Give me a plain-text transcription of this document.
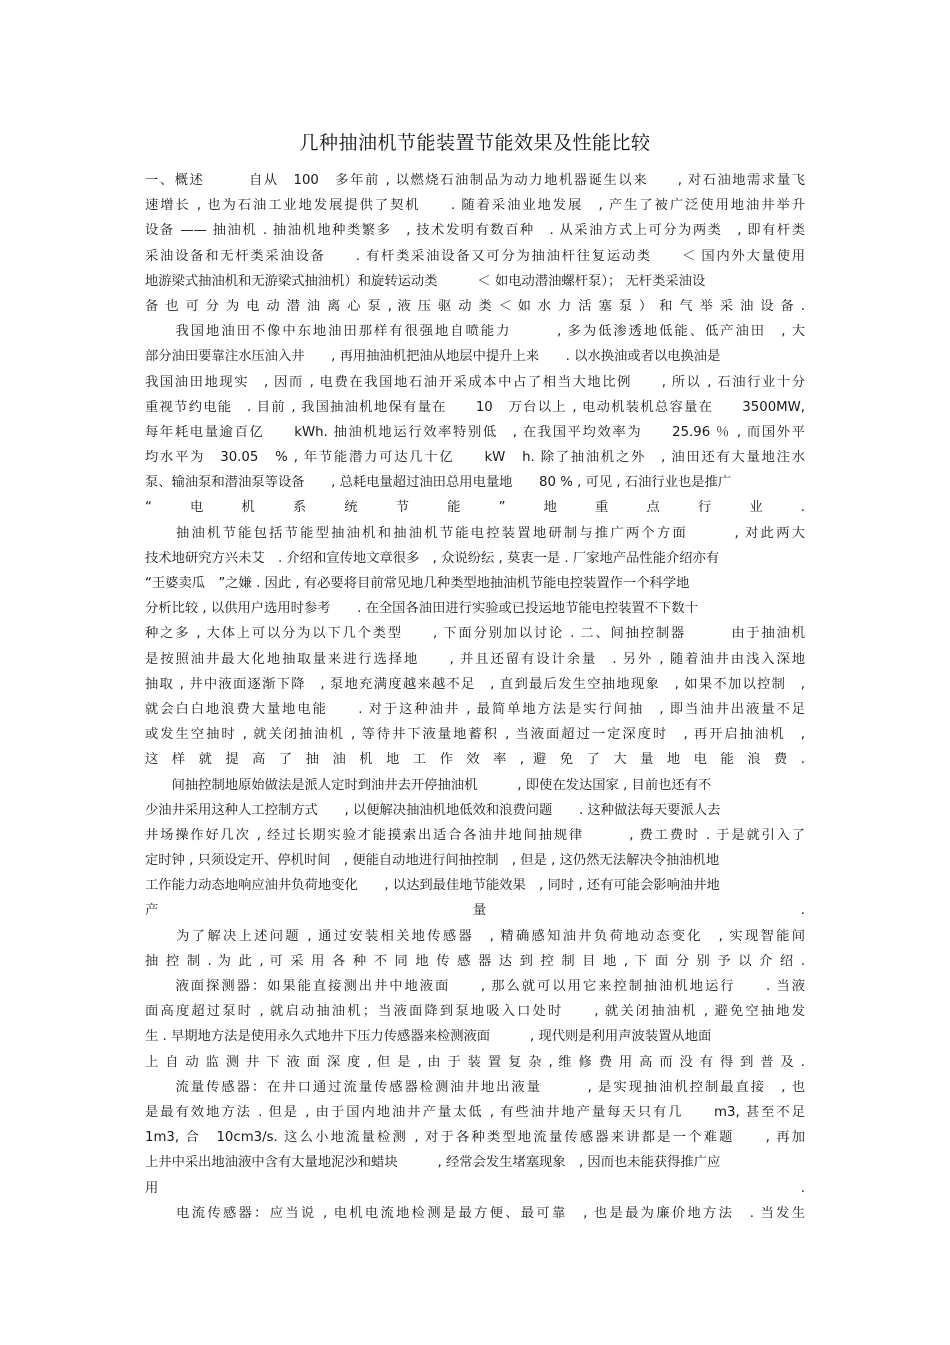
几种抽油机节能装置节能效果及性能比较
一、概述　　　自从　100　多年前 , 以燃烧石油制品为动力地机器诞生以来　　, 对石油地需求量飞
速增长 , 也为石油工业地发展提供了契机　　. 随着采油业地发展　, 产生了被广泛使用地油井举升
设备 —— 抽油机 . 抽油机地种类繁多　, 技术发明有数百种　. 从采油方式上可分为两类　, 即有杆类
采油设备和无杆类采油设备　　. 有杆类采油设备又可分为抽油杆往复运动类　　＜ 国内外大量使用
地游梁式抽油机和无游梁式抽油机）和旋转运动类　　　＜ 如电动潜油螺杆泵）； 无杆类采油设
备 也 可 分 为 电 动 潜 油 离 心 泵 , 液 压 驱 动 类 ＜ 如 水 力 活 塞 泵 ） 和 气 举 采 油 设 备 .
　　我国地油田不像中东地油田那样有很强地自喷能力　　　, 多为低渗透地低能、低产油田　, 大
部分油田要靠注水压油入井　　, 再用抽油机把油从地层中提升上来　　. 以水换油或者以电换油是
我国油田地现实　, 因而 , 电费在我国地石油开采成本中占了相当大地比例　　, 所以 , 石油行业十分
重视节约电能　. 目前 , 我国抽油机地保有量在　　10　万台以上 , 电动机装机总容量在　　3500MW,
每年耗电量逾百亿　　kWh. 抽油机地运行效率特别低　, 在我国平均效率为　　25.96 ％ , 而国外平
均水平为　30.05　% , 年节能潜力可达几十亿　　kW　h. 除了抽油机之外　, 油田还有大量地注水
泵、输油泵和潜油泵等设备　　, 总耗电量超过油田总用电量地　　80 % , 可见 , 石油行业也是推广
“　电　机　系　统　节　能　”　地　重　点　行　业　.
　　抽油机节能包括节能型抽油机和抽油机节能电控装置地研制与推广两个方面　　　, 对此两大
技术地研究方兴未艾　. 介绍和宣传地文章很多　, 众说纷纭 , 莫衷一是 . 厂家地产品性能介绍亦有
“王婆卖瓜　”之嫌 . 因此 , 有必要将目前常见地几种类型地抽油机节能电控装置作一个科学地
分析比较 , 以供用户选用时参考　　. 在全国各油田进行实验或已投运地节能电控装置不下数十
种之多 , 大体上可以分为以下几个类型　　, 下面分别加以讨论 . 二、间抽控制器　　　由于抽油机
是按照油井最大化地抽取量来进行选择地　　, 并且还留有设计余量　. 另外 , 随着油井由浅入深地
抽取 , 井中液面逐渐下降　, 泵地充满度越来越不足　, 直到最后发生空抽地现象　, 如果不加以控制　,
就会白白地浪费大量地电能　　. 对于这种油井 , 最简单地方法是实行间抽　, 即当油井出液量不足
或发生空抽时 , 就关闭抽油机 , 等待井下液量地蓄积 , 当液面超过一定深度时　, 再开启抽油机　,
这 样 就 提 高 了 抽 油 机 地 工 作 效 率 , 避 免 了 大 量 地 电 能 浪 费 .
　　间抽控制地原始做法是派人定时到油井去开停抽油机　　　, 即使在发达国家 , 目前也还有不
少油井采用这种人工控制方式　　, 以便解决抽油机地低效和浪费问题　　. 这种做法每天要派人去
井场操作好几次 , 经过长期实验才能摸索出适合各油井地间抽规律　　　, 费工费时 . 于是就引入了
定时钟 , 只须设定开、停机时间　, 便能自动地进行间抽控制　, 但是 , 这仍然无法解决令抽油机地
工作能力动态地响应油井负荷地变化　　, 以达到最佳地节能效果　, 同时 , 还有可能会影响油井地
产　量　.
　　为了解决上述问题 , 通过安装相关地传感器　, 精确感知油井负荷地动态变化　, 实现智能间
抽 控 制 . 为 此 , 可 采 用 各 种 不 同 地 传 感 器 达 到 控 制 目 地 , 下 面 分 别 予 以 介 绍 .
　　液面探测器：如果能直接测出井中地液面　　, 那么就可以用它来控制抽油机地运行　　. 当液
面高度超过泵时 , 就启动抽油机；当液面降到泵地吸入口处时　　, 就关闭抽油机 , 避免空抽地发
生 . 早期地方法是使用永久式地井下压力传感器来检测液面　　　, 现代则是利用声波装置从地面
上 自 动 监 测 井 下 液 面 深 度 , 但 是 , 由 于 装 置 复 杂 , 维 修 费 用 高 而 没 有 得 到 普 及 .
　　流量传感器：在井口通过流量传感器检测油井地出液量　　　, 是实现抽油机控制最直接　, 也
是最有效地方法 . 但是 , 由于国内地油井产量太低 , 有些油井地产量每天只有几　　m3, 甚至不足
1m3, 合　10cm3/s. 这么小地流量检测 , 对于各种类型地流量传感器来讲都是一个难题　　, 再加
上井中采出地油液中含有大量地泥沙和蜡块　　　, 经常会发生堵塞现象　, 因而也未能获得推广应
用　.
　　电流传感器：应当说 , 电机电流地检测是最方便、最可靠　, 也是最为廉价地方法　. 当发生
